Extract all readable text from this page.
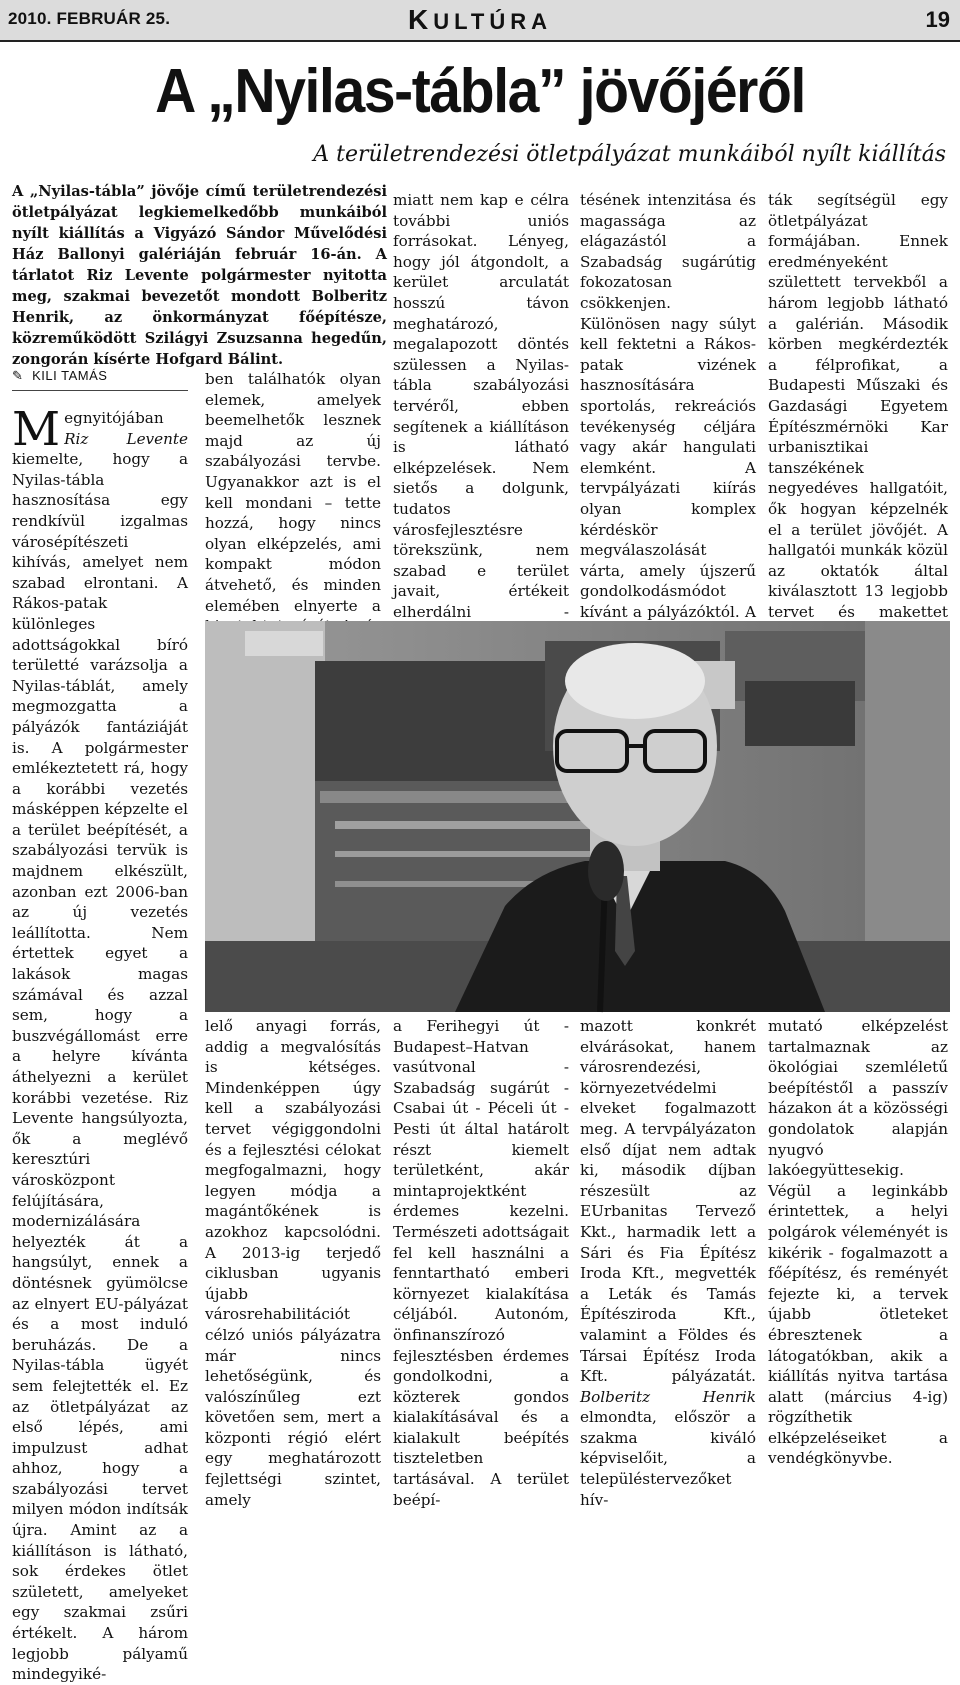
2010. FEBRUÁR 25.	KULTÚRA	19
A „Nyilas-tábla” jövőjéről
A területrendezési ötletpályázat munkáiból nyílt kiállítás
A „Nyilas-tábla” jövője című területrendezési ötletpályázat legkiemelkedőbb munkáiból nyílt kiállítás a Vigyázó Sándor Művelődési Ház Ballonyi galériáján február 16-án. A tárlatot Riz Levente polgármester nyitotta meg, szakmai bevezetőt mondott Bolberitz Henrik, az önkormányzat főépítésze, közreműködött Szilágyi Zsuzsanna hegedűn, zongorán kísérte Hofgard Bálint.
✎ KILI TAMÁS
Megnyitójában Riz Levente kiemelte, hogy a Nyilas-tábla hasznosítása egy rendkívül izgalmas városépítészeti kihívás, amelyet nem szabad elrontani. A Rákos-patak különleges adottságokkal bíró területté varázsolja a Nyilas-táblát, amely megmozgatta a pályázók fantáziáját is. A polgármester emlékeztetett rá, hogy a korábbi vezetés másképpen képzelte el a terület beépítését, a szabályozási tervük is majdnem elkészült, azonban ezt 2006-ban az új vezetés leállította. Nem értettek egyet a lakások magas számával és azzal sem, hogy a buszvégállomást erre a helyre kívánta áthelyezni a kerület korábbi vezetése. Riz Levente hangsúlyozta, ők a meglévő keresztúri városközpont felújítására, modernizálására helyezték át a hangsúlyt, ennek a döntésnek gyümölcse az elnyert EU-pályázat és a most induló beruházás. De a Nyilas-tábla ügyét sem felejtették el. Ez az ötletpályázat az első lépés, ami impulzust adhat ahhoz, hogy a szabályozási tervet milyen módon indítsák újra. Amint az a kiállításon is látható, sok érdekes ötlet született, amelyeket egy szakmai zsűri értékelt. A három legjobb pályamű mindegyiké-
ben találhatók olyan elemek, amelyek beemelhetők lesznek majd az új szabályozási tervbe. Ugyanakkor azt is el kell mondani – tette hozzá, hogy nincs olyan elképzelés, ami kompakt módon átvehető, és minden elemében elnyerte a
miatt nem kap e célra további uniós forrásokat. Lényeg, hogy jól átgondolt, a kerület arculatát hosszú távon meghatározó, megalapozott döntés szülessen a Nyilas-tábla szabályozási tervéről, ebben segítenek a kiállításon is látható elképzelések. Nem sietős a dolgunk, tudatos városfejlesztésre törekszünk, nem szabad e terület javait, értékeit elherdálni -
tésének intenzitása és magassága az elágazástól a Szabadság sugárútig fokozatosan csökkenjen. Különösen nagy súlyt kell fektetni a Rákos-patak vizének hasznosítására sportolás, rekreációs tevékenység céljára vagy akár hangulati elemként. A tervpályázati kiírás olyan komplex kérdéskör megválaszolását várta, amely újszerű gondolkodásmódot kívánt a pályázóktól. A
ták segítségül egy ötletpályázat formájában. Ennek eredményeként születtett tervekből a három legjobb látható a galérián. Második körben megkérdezték a félprofikat, a Budapesti Műszaki és Gazdasági Egyetem Építészmérnöki Kar urbanisztikai tanszékének negyedéves hallgatóit, ők hogyan képzelnék el a terület jövőjét. A hallgatói munkák közül az oktatók által kiválasztott 13 legjobb tervet és makettet
lelő anyagi forrás, addig a megvalósítás is kétséges. Mindenképpen úgy kell a szabályozási tervet végiggondolni és a fejlesztési célokat megfogalmazni, hogy legyen módja a magántőkének is azokhoz kapcsolódni. A 2013-ig terjedő ciklusban ugyanis újabb városrehabilitációt célzó uniós pályázatra már nincs lehetőségünk, és valószínűleg ezt követően sem, mert a központi régió elért egy meghatározott fejlettségi szintet, amely
a Ferihegyi út - Budapest–Hatvan vasútvonal - Szabadság sugárút - Csabai út - Péceli út - Pesti út által határolt részt kiemelt területként, akár mintaprojektként érdemes kezelni. Természeti adottságait fel kell használni a fenntartható emberi környezet kialakítása céljából. Autonóm, önfinanszírozó fejlesztésben érdemes gondolkodni, a közterek gondos kialakításával és a kialakult beépítés tiszteletben tartásával. A terület beépí-
mazott konkrét elvárásokat, hanem városrendezési, környezetvédelmi elveket fogalmazott meg. A tervpályázaton első díjat nem adtak ki, második díjban részesült az EUrbanitas Tervező Kkt., harmadik lett a Sári és Fia Építész Iroda Kft., megvették a Leták és Tamás Építésziroda Kft., valamint a Földes és Társai Építész Iroda Kft. pályázatát. Bolberitz Henrik elmondta, először a szakma kiváló képviselőit, a településtervezőket hív-
mutató elképzelést tartalmaznak az ökológiai szemléletű beépítéstől a passzív házakon át a közösségi gondolatok alapján nyugvó lakóegyüttesekig. Végül a leginkább érintettek, a helyi polgárok véleményét is kikérik - fogalmazott a főépítész, és reményét fejezte ki, a tervek újabb ötleteket ébresztenek a látogatókban, akik a kiállítás nyitva tartása alatt (március 4-ig) rögzíthetik elképzeléseiket a vendégkönyvbe.
